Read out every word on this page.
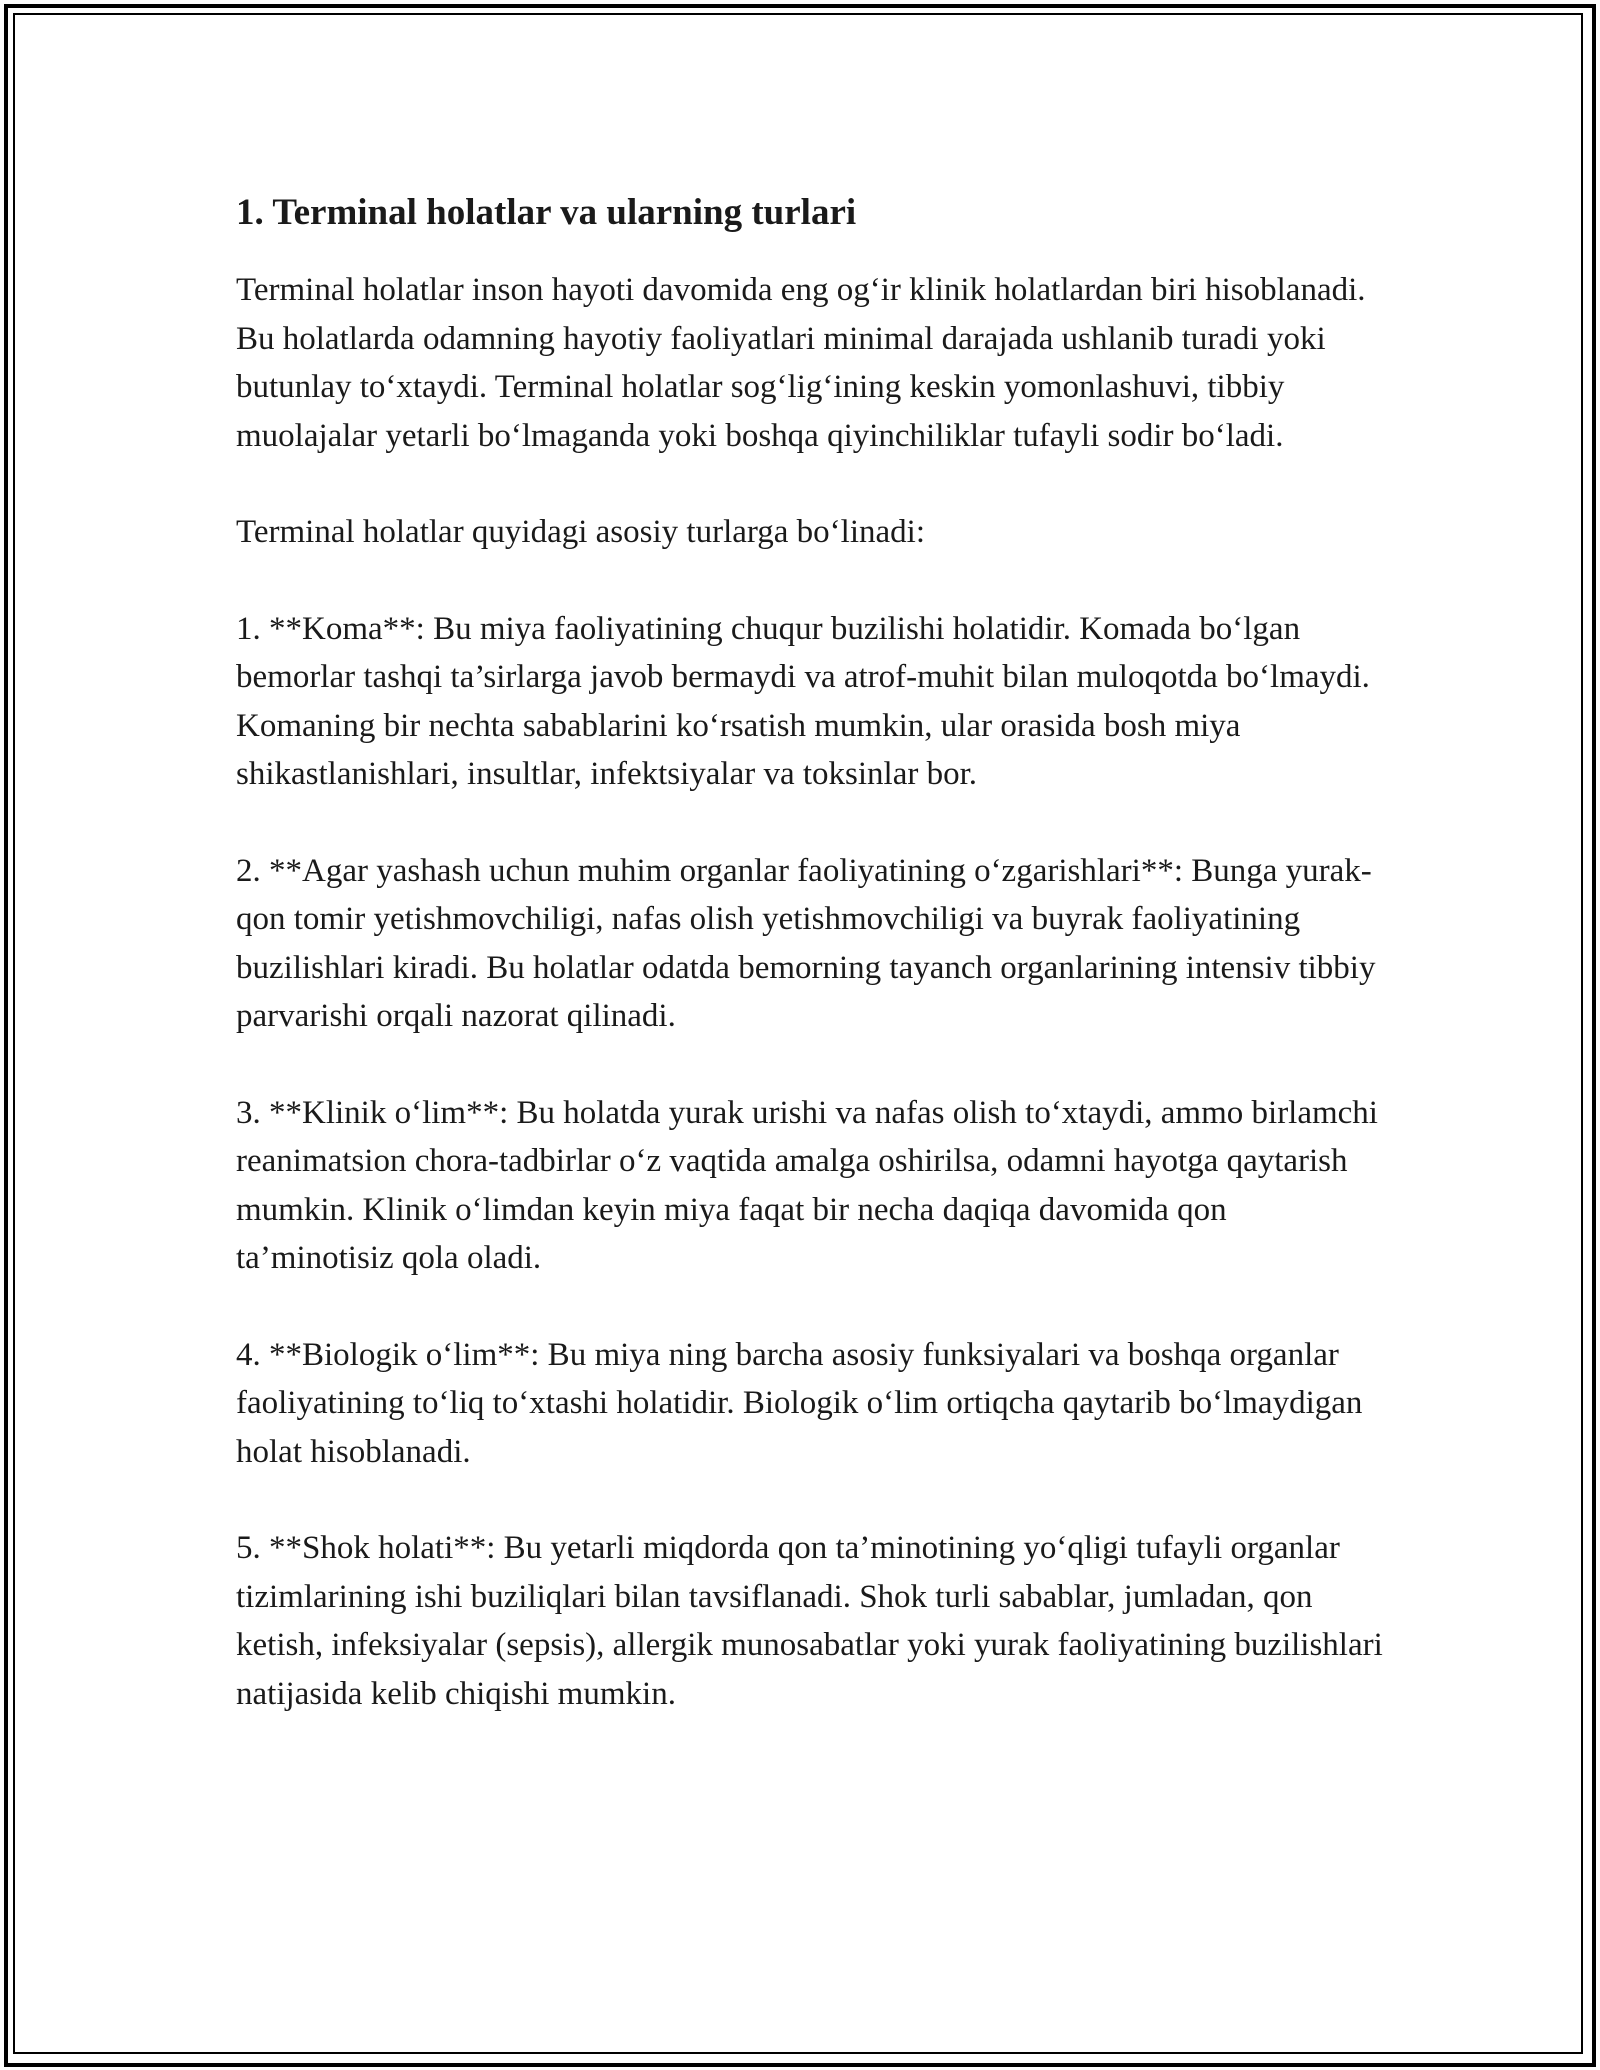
1. Terminal holatlar va ularning turlari

Terminal holatlar inson hayoti davomida eng og‘ir klinik holatlardan biri hisoblanadi. Bu holatlarda odamning hayotiy faoliyatlari minimal darajada ushlanib turadi yoki butunlay to‘xtaydi. Terminal holatlar sog‘lig‘ining keskin yomonlashuvi, tibbiy muolajalar yetarli bo‘lmaganda yoki boshqa qiyinchiliklar tufayli sodir bo‘ladi.

Terminal holatlar quyidagi asosiy turlarga bo‘linadi:

1. **Koma**: Bu miya faoliyatining chuqur buzilishi holatidir. Komada bo‘lgan bemorlar tashqi ta’sirlarga javob bermaydi va atrof-muhit bilan muloqotda bo‘lmaydi. Komaning bir nechta sabablarini ko‘rsatish mumkin, ular orasida bosh miya shikastlanishlari, insultlar, infektsiyalar va toksinlar bor.

2. **Agar yashash uchun muhim organlar faoliyatining o‘zgarishlari**: Bunga yurak-qon tomir yetishmovchiligi, nafas olish yetishmovchiligi va buyrak faoliyatining buzilishlari kiradi. Bu holatlar odatda bemorning tayanch organlarining intensiv tibbiy parvarishi orqali nazorat qilinadi.

3. **Klinik o‘lim**: Bu holatda yurak urishi va nafas olish to‘xtaydi, ammo birlamchi reanimatsion chora-tadbirlar o‘z vaqtida amalga oshirilsa, odamni hayotga qaytarish mumkin. Klinik o‘limdan keyin miya faqat bir necha daqiqa davomida qon ta’minotisiz qola oladi.

4. **Biologik o‘lim**: Bu miya ning barcha asosiy funksiyalari va boshqa organlar faoliyatining to‘liq to‘xtashi holatidir. Biologik o‘lim ortiqcha qaytarib bo‘lmaydigan holat hisoblanadi.

5. **Shok holati**: Bu yetarli miqdorda qon ta’minotining yo‘qligi tufayli organlar tizimlarining ishi buziliqlari bilan tavsiflanadi. Shok turli sabablar, jumladan, qon ketish, infeksiyalar (sepsis), allergik munosabatlar yoki yurak faoliyatining buzilishlari natijasida kelib chiqishi mumkin.
